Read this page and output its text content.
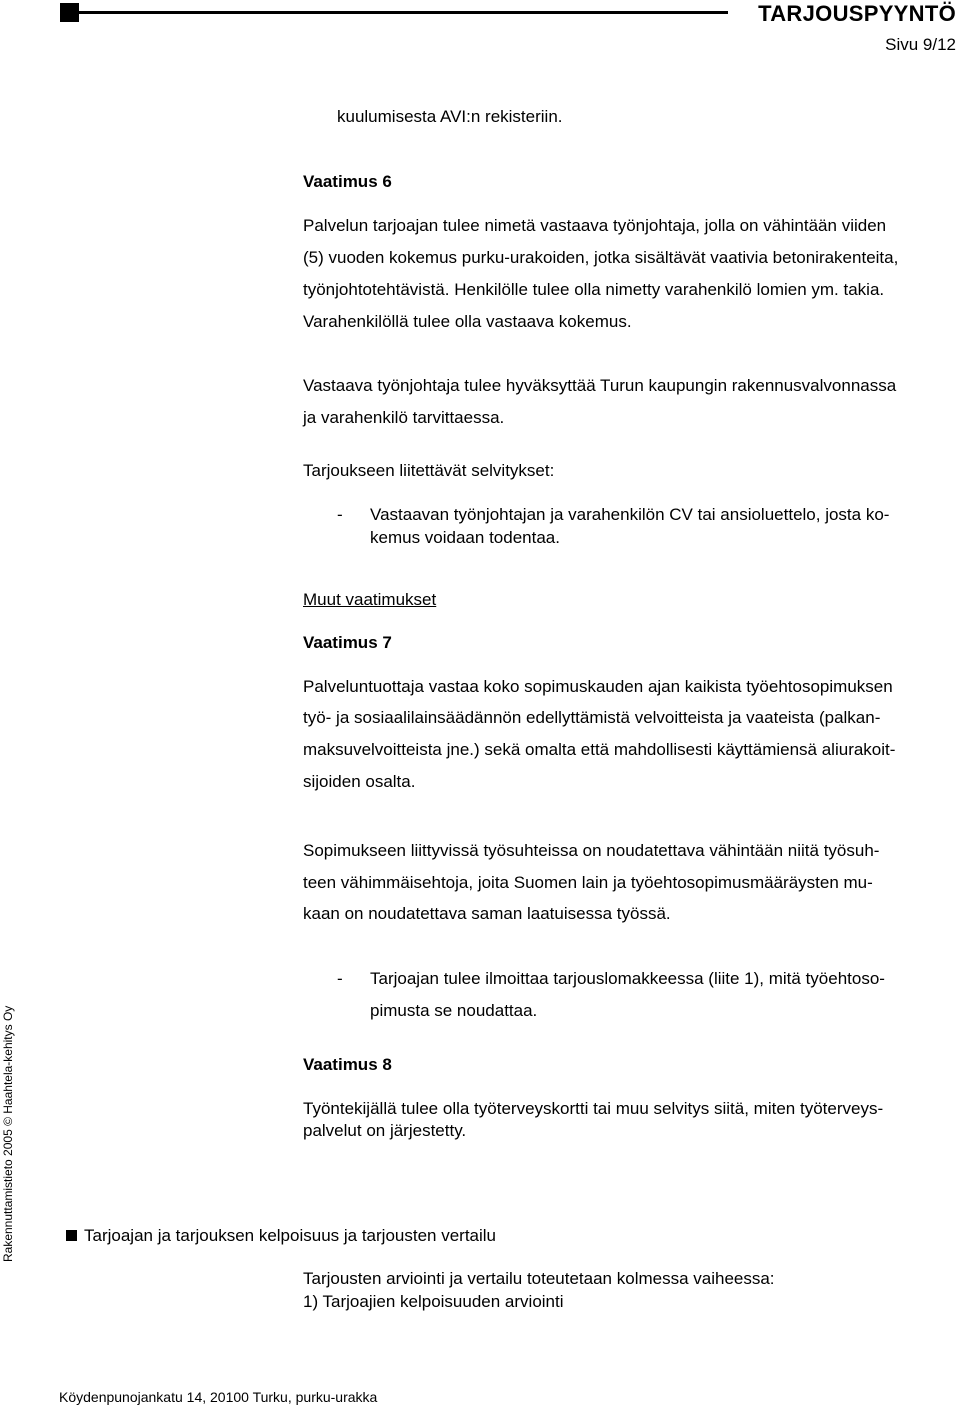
TARJOUSPYYNTÖ
Sivu 9/12
Rakennuttamistieto 2005 © Haahtela-kehitys Oy
kuulumisesta AVI:n rekisteriin.
Vaatimus 6
Palvelun tarjoajan tulee nimetä vastaava työnjohtaja, jolla on vähintään viiden
(5) vuoden kokemus purku-urakoiden, jotka sisältävät vaativia betonirakenteita,
työnjohtotehtävistä. Henkilölle tulee olla nimetty varahenkilö lomien ym. takia.
Varahenkilöllä tulee olla vastaava kokemus.
Vastaava työnjohtaja tulee hyväksyttää Turun kaupungin rakennusvalvonnassa
ja varahenkilö tarvittaessa.
Tarjoukseen liitettävät selvitykset:
- Vastaavan työnjohtajan ja varahenkilön CV tai ansioluettelo, josta ko-
kemus voidaan todentaa.
Muut vaatimukset
Vaatimus 7
Palveluntuottaja vastaa koko sopimuskauden ajan kaikista työehtosopimuksen
työ- ja sosiaalilainsäädännön edellyttämistä velvoitteista ja vaateista (palkan-
maksuvelvoitteista jne.) sekä omalta että mahdollisesti käyttämiensä aliurakoit-
sijoiden osalta.
Sopimukseen liittyvissä työsuhteissa on noudatettava vähintään niitä työsuh-
teen vähimmäisehtoja, joita Suomen lain ja työehtosopimusmääräysten mu-
kaan on noudatettava saman laatuisessa työssä.
- Tarjoajan tulee ilmoittaa tarjouslomakkeessa (liite 1), mitä työehtoso-
pimusta se noudattaa.
Vaatimus 8
Työntekijällä tulee olla työterveyskortti tai muu selvitys siitä, miten työterveys-
palvelut on järjestetty.
Tarjoajan ja tarjouksen kelpoisuus ja tarjousten vertailu
Tarjousten arviointi ja vertailu toteutetaan kolmessa vaiheessa:
1) Tarjoajien kelpoisuuden arviointi
Köydenpunojankatu 14, 20100 Turku, purku-urakka
